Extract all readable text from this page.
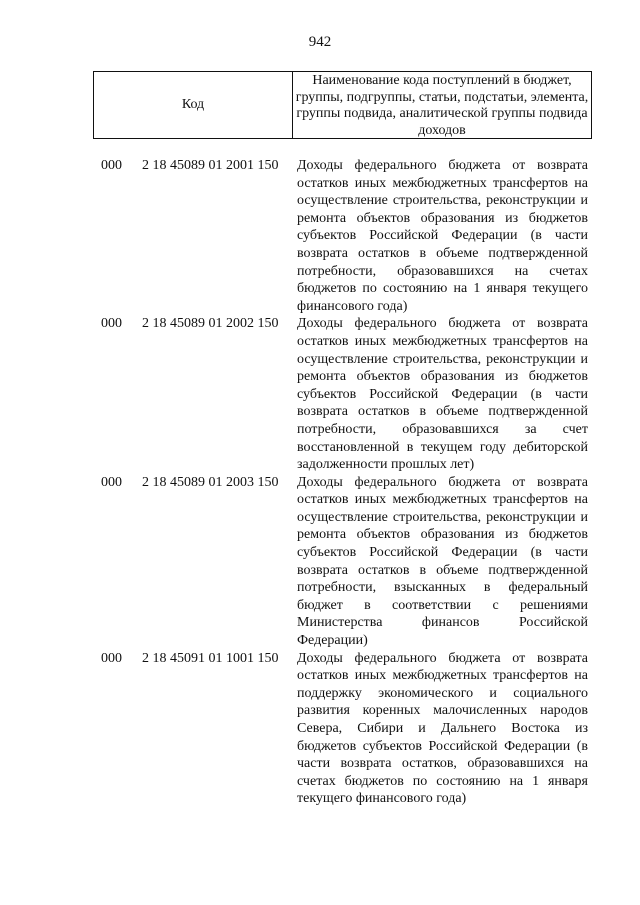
942
Код
Наименование кода поступлений в бюджет, группы, подгруппы, статьи, подстатьи, элемента, группы подвида, аналитической группы подвида доходов
000 2 18 45089 01 2001 150 Доходы федерального бюджета от возврата остатков иных межбюджетных трансфертов на осуществление строительства, реконструкции и ремонта объектов образования из бюджетов субъектов Российской Федерации (в части возврата остатков в объеме подтвержденной потребности, образовавшихся на счетах бюджетов по состоянию на 1 января текущего финансового года)
000 2 18 45089 01 2002 150 Доходы федерального бюджета от возврата остатков иных межбюджетных трансфертов на осуществление строительства, реконструкции и ремонта объектов образования из бюджетов субъектов Российской Федерации (в части возврата остатков в объеме подтвержденной потребности, образовавшихся за счет восстановленной в текущем году дебиторской задолженности прошлых лет)
000 2 18 45089 01 2003 150 Доходы федерального бюджета от возврата остатков иных межбюджетных трансфертов на осуществление строительства, реконструкции и ремонта объектов образования из бюджетов субъектов Российской Федерации (в части возврата остатков в объеме подтвержденной потребности, взысканных в федеральный бюджет в соответствии с решениями Министерства финансов Российской Федерации)
000 2 18 45091 01 1001 150 Доходы федерального бюджета от возврата остатков иных межбюджетных трансфертов на поддержку экономического и социального развития коренных малочисленных народов Севера, Сибири и Дальнего Востока из бюджетов субъектов Российской Федерации (в части возврата остатков, образовавшихся на счетах бюджетов по состоянию на 1 января текущего финансового года)
